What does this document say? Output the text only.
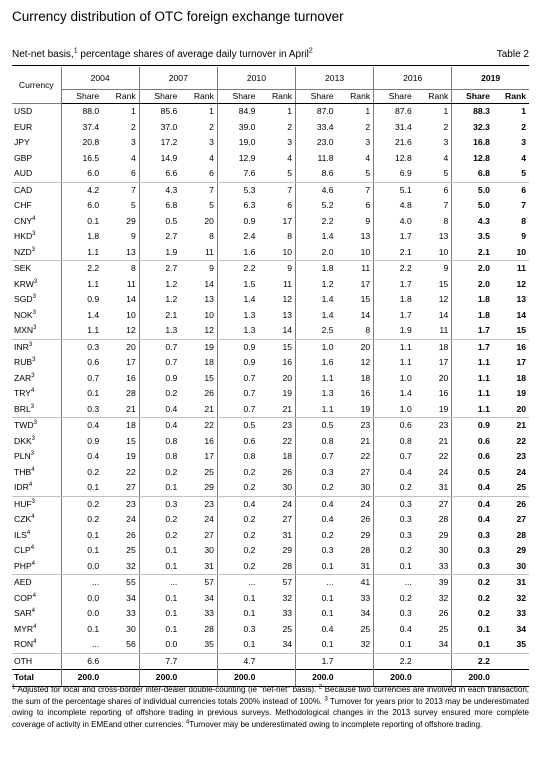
Currency distribution of OTC foreign exchange turnover
Net-net basis,$^1$ percentage shares of average daily turnover in April$^2$	Table 2
Currency	2004		2007		2010		2013		2016		2019	
	Share	Rank	Share	Rank	Share	Rank	Share	Rank	Share	Rank	Share	Rank
USD	88.0	1	85.6	1	84.9	1	87.0	1	87.6	1	88.3	1
EUR	37.4	2	37.0	2	39.0	2	33.4	2	31.4	2	32.3	2
JPY	20.8	3	17.2	3	19.0	3	23.0	3	21.6	3	16.8	3
GBP	16.5	4	14.9	4	12.9	4	11.8	4	12.8	4	12.8	4
AUD	6.0	6	6.6	6	7.6	5	8.6	5	6.9	5	6.8	5
CAD	4.2	7	4.3	7	5.3	7	4.6	7	5.1	6	5.0	6
CHF	6.0	5	6.8	5	6.3	6	5.2	6	4.8	7	5.0	7
CNY$^4$	0.1	29	0.5	20	0.9	17	2.2	9	4.0	8	4.3	8
HKD$^3$	1.8	9	2.7	8	2.4	8	1.4	13	1.7	13	3.5	9
NZD$^3$	1.1	13	1.9	11	1.6	10	2.0	10	2.1	10	2.1	10
SEK	2.2	8	2.7	9	2.2	9	1.8	11	2.2	9	2.0	11
KRW$^3$	1.1	11	1.2	14	1.5	11	1.2	17	1.7	15	2.0	12
SGD$^3$	0.9	14	1.2	13	1.4	12	1.4	15	1.8	12	1.8	13
NOK$^3$	1.4	10	2.1	10	1.3	13	1.4	14	1.7	14	1.8	14
MXN$^3$	1.1	12	1.3	12	1.3	14	2.5	8	1.9	11	1.7	15
INR$^3$	0.3	20	0.7	19	0.9	15	1.0	20	1.1	18	1.7	16
RUB$^3$	0.6	17	0.7	18	0.9	16	1.6	12	1.1	17	1.1	17
ZAR$^3$	0.7	16	0.9	15	0.7	20	1.1	18	1.0	20	1.1	18
TRY$^4$	0.1	28	0.2	26	0.7	19	1.3	16	1.4	16	1.1	19
BRL$^3$	0.3	21	0.4	21	0.7	21	1.1	19	1.0	19	1.1	20
TWD$^3$	0.4	18	0.4	22	0.5	23	0.5	23	0.6	23	0.9	21
DKK$^3$	0.9	15	0.8	16	0.6	22	0.8	21	0.8	21	0.6	22
PLN$^3$	0.4	19	0.8	17	0.8	18	0.7	22	0.7	22	0.6	23
THB$^4$	0.2	22	0.2	25	0.2	26	0.3	27	0.4	24	0.5	24
IDR$^4$	0.1	27	0.1	29	0.2	30	0.2	30	0.2	31	0.4	25
HUF$^3$	0.2	23	0.3	23	0.4	24	0.4	24	0.3	27	0.4	26
CZK$^4$	0.2	24	0.2	24	0.2	27	0.4	26	0.3	28	0.4	27
ILS$^4$	0.1	26	0.2	27	0.2	31	0.2	29	0.3	29	0.3	28
CLP$^4$	0.1	25	0.1	30	0.2	29	0.3	28	0.2	30	0.3	29
PHP$^4$	0.0	32	0.1	31	0.2	28	0.1	31	0.1	33	0.3	30
AED	...	55	...	57	...	57	...	41	...	39	0.2	31
COP$^4$	0.0	34	0.1	34	0.1	32	0.1	33	0.2	32	0.2	32
SAR$^4$	0.0	33	0.1	33	0.1	33	0.1	34	0.3	26	0.2	33
MYR$^4$	0.1	30	0.1	28	0.3	25	0.4	25	0.4	25	0.1	34
RON$^4$	...	56	0.0	35	0.1	34	0.1	32	0.1	34	0.1	35
OTH	6.6		7.7		4.7		1.7		2.2		2.2	
Total	200.0		200.0		200.0		200.0		200.0		200.0	
$^1$ Adjusted for local and cross-border inter-dealer double-counting (ie "net-net" basis). $^2$ Because two currencies are involved in each transaction, the sum of the percentage shares of individual currencies totals 200% instead of 100%. $^3$ Turnover for years prior to 2013 may be underestimated owing to incomplete reporting of offshore trading in previous surveys. Methodological changes in the 2013 survey ensured more complete coverage of activity in EMEand other currencies. $^4$Turnover may be underestimated owing to incomplete reporting of offshore trading.
